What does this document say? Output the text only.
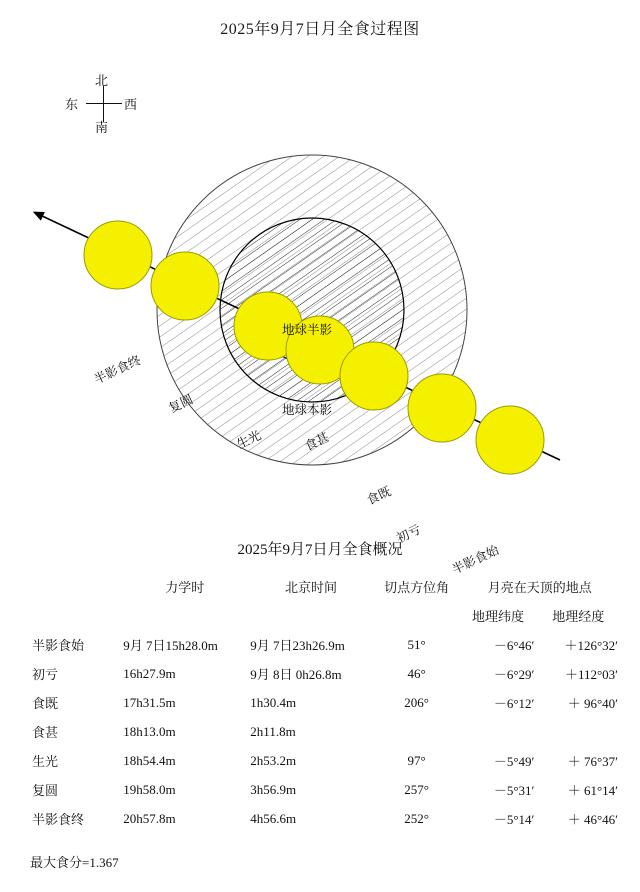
2025年9月7日月全食过程图
北
南
东	西
地球半影
地球本影
半影食终
复圆
生光	食甚
食既
初亏
半影食始
2025年9月7日月全食概况
	力学时	北京时间	切点方位角	月亮在天顶的地点	
				地理纬度	地理经度
半影食始	9月 7日15h28.0m	9月 7日23h26.9m	51°	－6°46′	＋126°32′
初亏	16h27.9m	9月 8日 0h26.8m	46°	－6°29′	＋112°03′
食既	17h31.5m	1h30.4m	206°	－6°12′	＋ 96°40′
食甚	18h13.0m	2h11.8m			
生光	18h54.4m	2h53.2m	97°	－5°49′	＋ 76°37′
复圆	19h58.0m	3h56.9m	257°	－5°31′	＋ 61°14′
半影食终	20h57.8m	4h56.6m	252°	－5°14′	＋ 46°46′
最大食分=1.367
